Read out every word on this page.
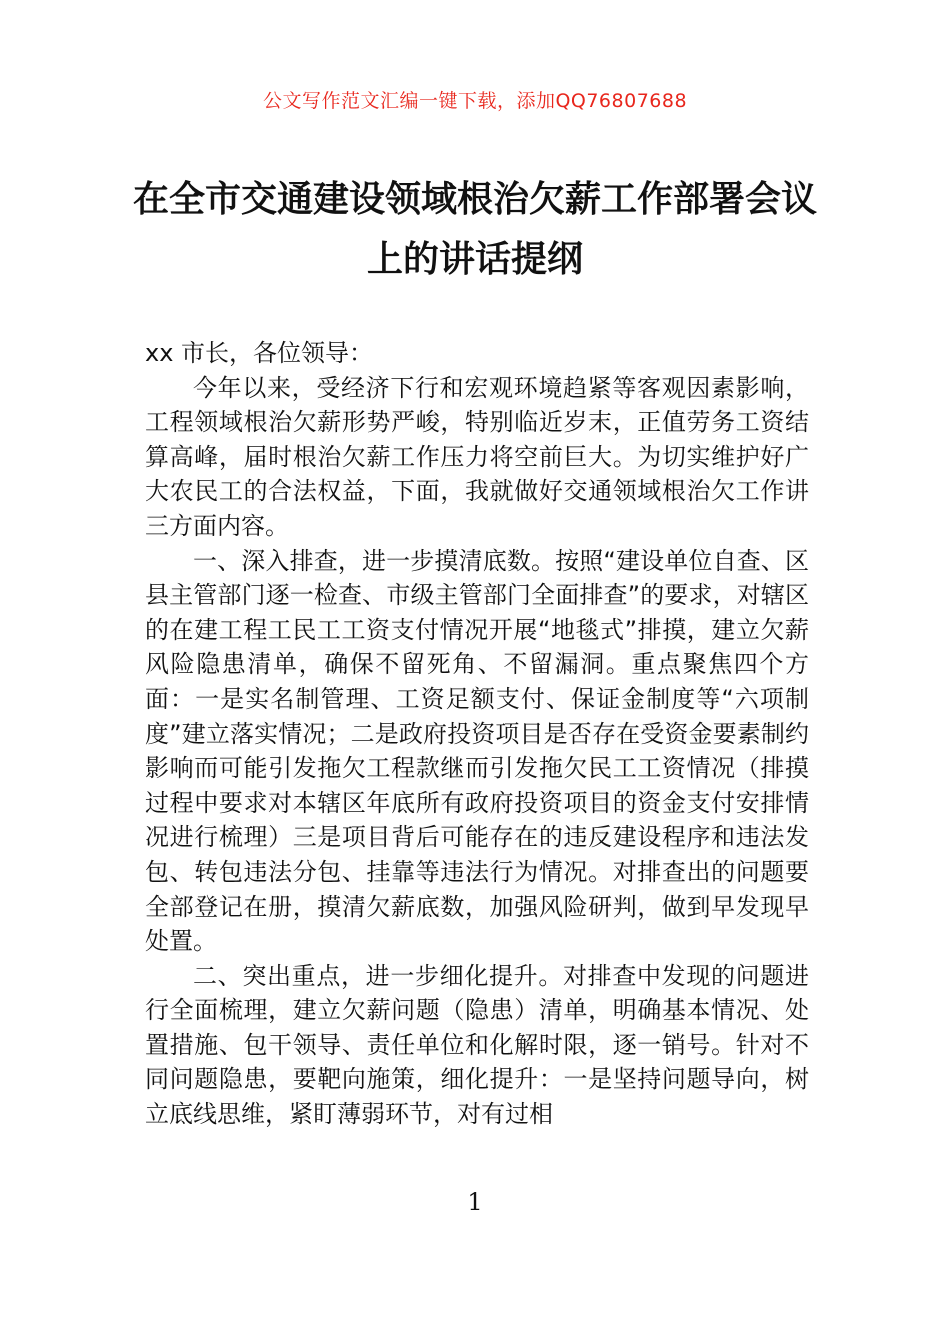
公文写作范文汇编一键下载，添加QQ76807688
在全市交通建设领域根治欠薪工作部署会议上的讲话提纲

xx 市长，各位领导：

今年以来，受经济下行和宏观环境趋紧等客观因素影响，工程领域根治欠薪形势严峻，特别临近岁末，正值劳务工资结算高峰，届时根治欠薪工作压力将空前巨大。为切实维护好广大农民工的合法权益，下面，我就做好交通领域根治欠工作讲三方面内容。

一、深入排查，进一步摸清底数。按照“建设单位自查、区县主管部门逐一检查、市级主管部门全面排查”的要求，对辖区的在建工程工民工工资支付情况开展“地毯式”排摸，建立欠薪风险隐患清单，确保不留死角、不留漏洞。重点聚焦四个方面：一是实名制管理、工资足额支付、保证金制度等“六项制度”建立落实情况；二是政府投资项目是否存在受资金要素制约影响而可能引发拖欠工程款继而引发拖欠民工工资情况（排摸过程中要求对本辖区年底所有政府投资项目的资金支付安排情况进行梳理）三是项目背后可能存在的违反建设程序和违法发包、转包违法分包、挂靠等违法行为情况。对排查出的问题要全部登记在册，摸清欠薪底数，加强风险研判，做到早发现早处置。

二、突出重点，进一步细化提升。对排查中发现的问题进行全面梳理，建立欠薪问题（隐患）清单，明确基本情况、处置措施、包干领导、责任单位和化解时限，逐一销号。针对不同问题隐患，要靶向施策，细化提升：一是坚持问题导向，树立底线思维，紧盯薄弱环节，对有过相

1
